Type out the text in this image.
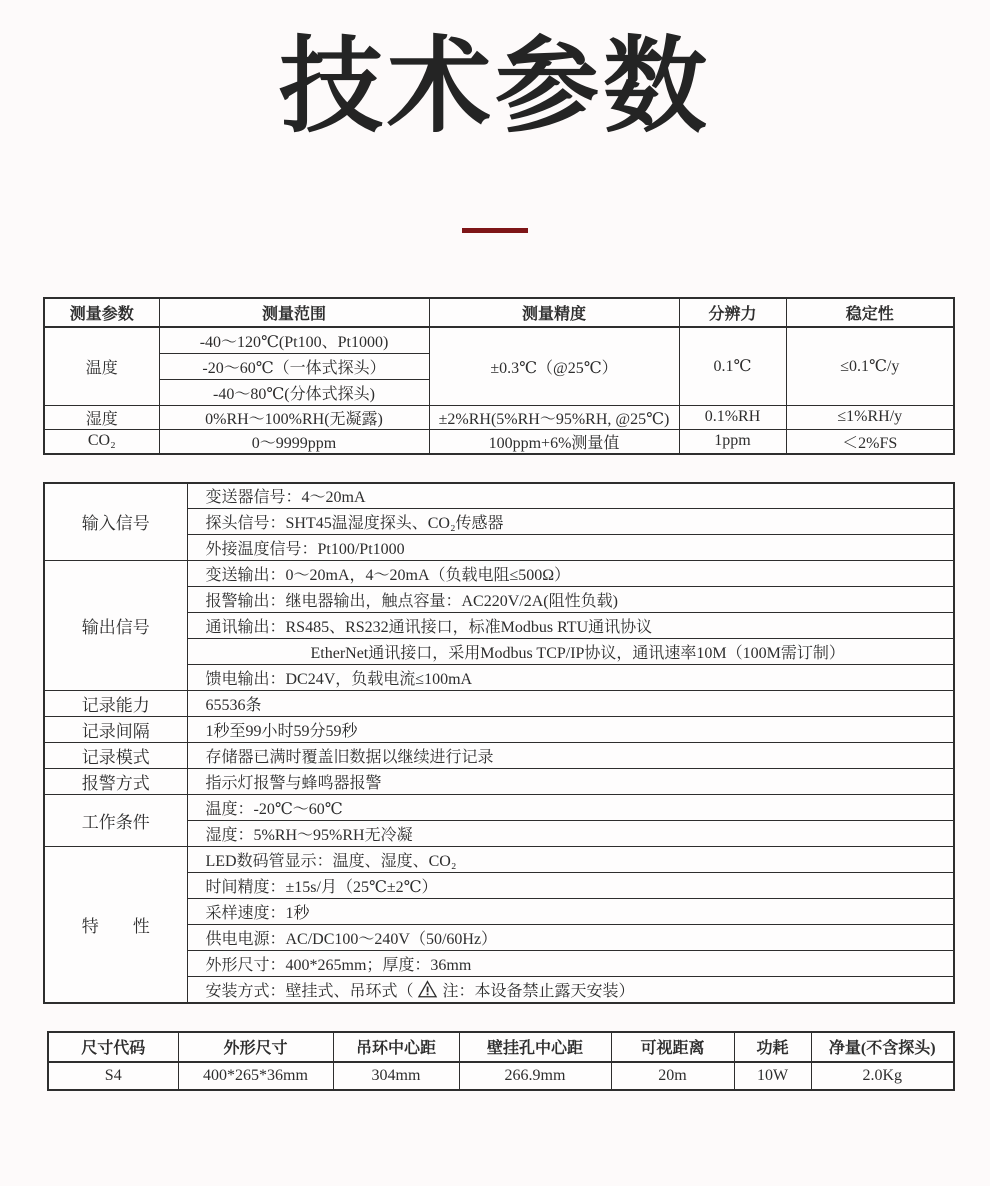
技术参数
测量参数	测量范围	测量精度	分辨力	稳定性
温度	-40～120℃(Pt100、Pt1000)	±0.3℃（@25℃）	0.1℃	≤0.1℃/y
	-20～60℃（一体式探头）			
	-40～80℃(分体式探头)			
湿度	0%RH～100%RH(无凝露)	±2%RH(5%RH～95%RH, @25℃)	0.1%RH	≤1%RH/y
CO₂	0～9999ppm	100ppm+6%测量值	1ppm	＜2%FS
输入信号	变送器信号：4～20mA
	探头信号：SHT45温湿度探头、CO₂传感器
	外接温度信号：Pt100/Pt1000
输出信号	变送输出：0～20mA，4～20mA（负载电阻≤500Ω）
	报警输出：继电器输出，触点容量：AC220V/2A(阻性负载)
	通讯输出：RS485、RS232通讯接口，标准Modbus RTU通讯协议
	EtherNet通讯接口，采用Modbus TCP/IP协议，通讯速率10M（100M需订制）
	馈电输出：DC24V，负载电流≤100mA
记录能力	65536条
记录间隔	1秒至99小时59分59秒
记录模式	存储器已满时覆盖旧数据以继续进行记录
报警方式	指示灯报警与蜂鸣器报警
工作条件	温度：-20℃～60℃
	湿度：5%RH～95%RH无冷凝
特　　性	LED数码管显示：温度、湿度、CO₂
	时间精度：±15s/月（25℃±2℃）
	采样速度：1秒
	供电电源：AC/DC100～240V（50/60Hz）
	外形尺寸：400*265mm；厚度：36mm
	安装方式：壁挂式、吊环式（ 注：本设备禁止露天安装）
尺寸代码	外形尺寸	吊环中心距	壁挂孔中心距	可视距离	功耗	净量(不含探头)
S4	400*265*36mm	304mm	266.9mm	20m	10W	2.0Kg
